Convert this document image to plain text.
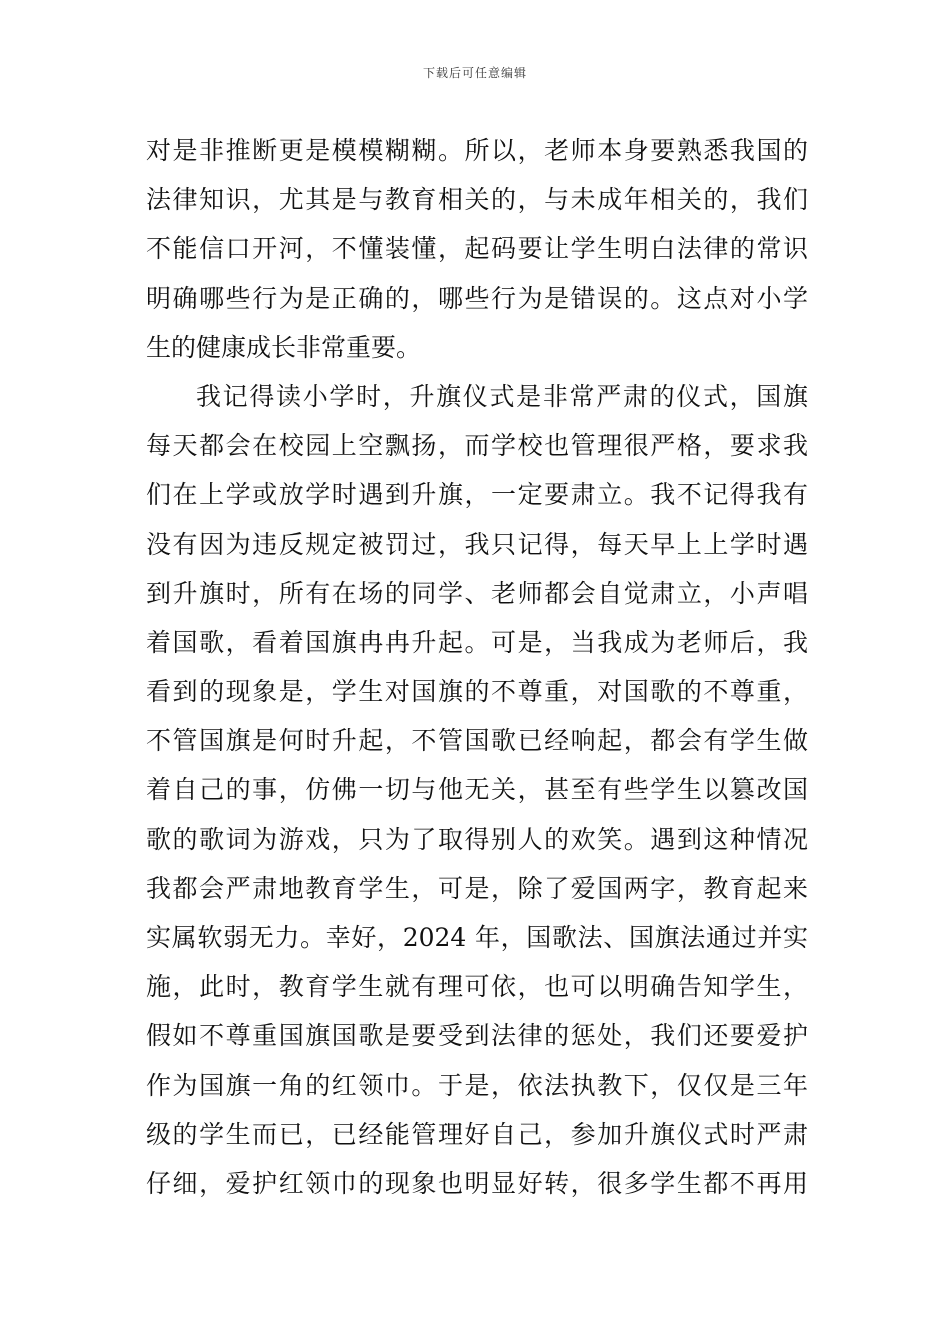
下载后可任意编辑
对是非推断更是模模糊糊。所以，老师本身要熟悉我国的
法律知识，尤其是与教育相关的，与未成年相关的，我们
不能信口开河，不懂装懂，起码要让学生明白法律的常识
明确哪些行为是正确的，哪些行为是错误的。这点对小学
生的健康成长非常重要。
我记得读小学时，升旗仪式是非常严肃的仪式，国旗
每天都会在校园上空飘扬，而学校也管理很严格，要求我
们在上学或放学时遇到升旗，一定要肃立。我不记得我有
没有因为违反规定被罚过，我只记得，每天早上上学时遇
到升旗时，所有在场的同学、老师都会自觉肃立，小声唱
着国歌，看着国旗冉冉升起。可是，当我成为老师后，我
看到的现象是，学生对国旗的不尊重，对国歌的不尊重，
不管国旗是何时升起，不管国歌已经响起，都会有学生做
着自己的事，仿佛一切与他无关，甚至有些学生以篡改国
歌的歌词为游戏，只为了取得别人的欢笑。遇到这种情况
我都会严肃地教育学生，可是，除了爱国两字，教育起来
实属软弱无力。幸好，2024 年，国歌法、国旗法通过并实
施，此时，教育学生就有理可依，也可以明确告知学生，
假如不尊重国旗国歌是要受到法律的惩处，我们还要爱护
作为国旗一角的红领巾。于是，依法执教下，仅仅是三年
级的学生而已，已经能管理好自己，参加升旗仪式时严肃
仔细，爱护红领巾的现象也明显好转，很多学生都不再用
